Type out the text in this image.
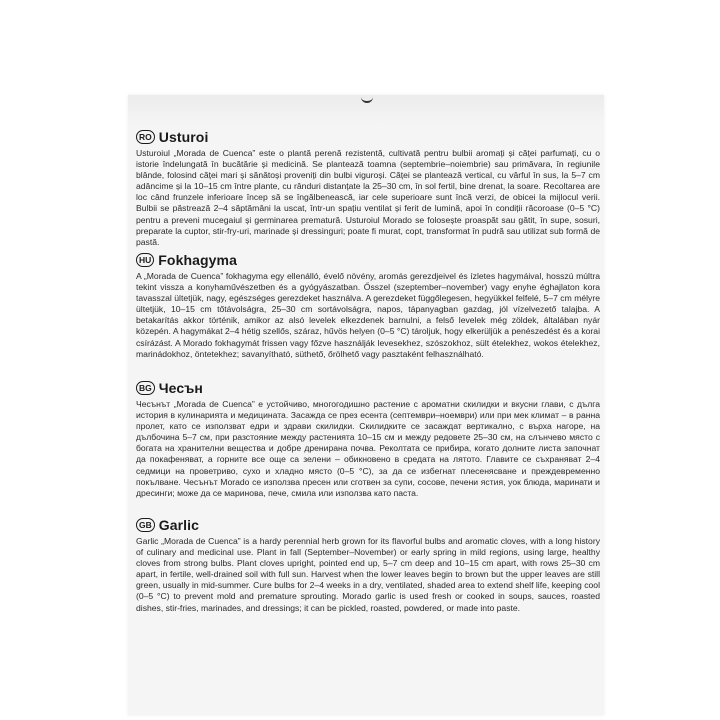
RO Usturoi
Usturoiul „Morada de Cuenca” este o plantă perenă rezistentă, cultivată pentru bulbii aromați și căței parfumați, cu o istorie îndelungată în bucătărie și medicină. Se plantează toamna (septembrie–noiembrie) sau primăvara, în regiunile blânde, folosind căței mari și sănătoși proveniți din bulbi viguroși. Căței se plantează vertical, cu vârful în sus, la 5–7 cm adâncime și la 10–15 cm între plante, cu rânduri distanțate la 25–30 cm, în sol fertil, bine drenat, la soare. Recoltarea are loc când frunzele inferioare încep să se îngălbenească, iar cele superioare sunt încă verzi, de obicei la mijlocul verii. Bulbii se păstrează 2–4 săptămâni la uscat, într-un spațiu ventilat și ferit de lumină, apoi în condiții răcoroase (0–5 °C) pentru a preveni mucegaiul și germinarea prematură. Usturoiul Morado se folosește proaspăt sau gătit, în supe, sosuri, preparate la cuptor, stir-fry-uri, marinade și dressinguri; poate fi murat, copt, transformat în pudră sau utilizat sub formă de pastă.
HU Fokhagyma
A „Morada de Cuenca” fokhagyma egy ellenálló, évelő növény, aromás gerezdjeivel és ízletes hagymáival, hosszú múltra tekint vissza a konyhaművészetben és a gyógyászatban. Ősszel (szeptember–november) vagy enyhe éghajlaton kora tavasszal ültetjük, nagy, egészséges gerezdeket használva. A gerezdeket függőlegesen, hegyükkel felfelé, 5–7 cm mélyre ültetjük, 10–15 cm tőtávolságra, 25–30 cm sortávolságra, napos, tápanyagban gazdag, jól vízelvezető talajba. A betakarítás akkor történik, amikor az alsó levelek elkezdenek barnulni, a felső levelek még zöldek, általában nyár közepén. A hagymákat 2–4 hétig szellős, száraz, hűvös helyen (0–5 °C) tároljuk, hogy elkerüljük a penészedést és a korai csírázást. A Morado fokhagymát frissen vagy főzve használják levesekhez, szószokhoz, sült ételekhez, wokos ételekhez, marinádokhoz, öntetekhez; savanyítható, süthető, őrölhető vagy pasztaként felhasználható.
BG Чесън
Чесънът „Morada de Cuenca” е устойчиво, многогодишно растение с ароматни скилидки и вкусни глави, с дълга история в кулинарията и медицината. Засажда се през есента (септември–ноември) или при мек климат – в ранна пролет, като се използват едри и здрави скилидки. Скилидките се засаждат вертикално, с върха нагоре, на дълбочина 5–7 см, при разстояние между растенията 10–15 см и между редовете 25–30 см, на слънчево място с богата на хранителни вещества и добре дренирана почва. Реколтата се прибира, когато долните листа започнат да покафеняват, а горните все още са зелени – обикновено в средата на лятото. Главите се съхраняват 2–4 седмици на проветриво, сухо и хладно място (0–5 °C), за да се избегнат плесенясване и преждевременно покълване. Чесънът Morado се използва пресен или сготвен за супи, сосове, печени ястия, уок блюда, маринати и дресинги; може да се маринова, пече, смила или използва като паста.
GB Garlic
Garlic „Morada de Cuenca” is a hardy perennial herb grown for its flavorful bulbs and aromatic cloves, with a long history of culinary and medicinal use. Plant in fall (September–November) or early spring in mild regions, using large, healthy cloves from strong bulbs. Plant cloves upright, pointed end up, 5–7 cm deep and 10–15 cm apart, with rows 25–30 cm apart, in fertile, well-drained soil with full sun. Harvest when the lower leaves begin to brown but the upper leaves are still green, usually in mid-summer. Cure bulbs for 2–4 weeks in a dry, ventilated, shaded area to extend shelf life, keeping cool (0–5 °C) to prevent mold and premature sprouting. Morado garlic is used fresh or cooked in soups, sauces, roasted dishes, stir-fries, marinades, and dressings; it can be pickled, roasted, powdered, or made into paste.
